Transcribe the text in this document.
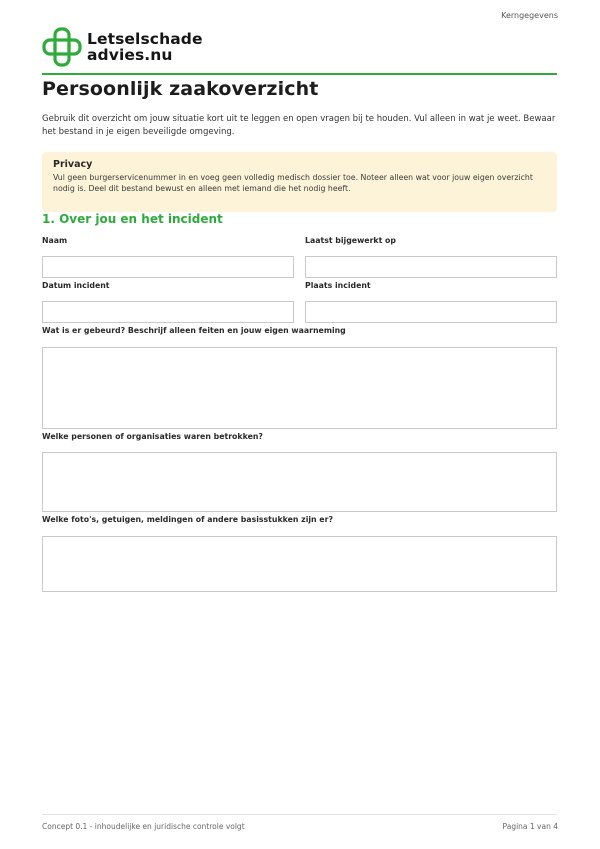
Kerngegevens
Letselschade
advies.nu
Persoonlijk zaakoverzicht

Gebruik dit overzicht om jouw situatie kort uit te leggen en open vragen bij te houden. Vul alleen in wat je weet. Bewaar het bestand in je eigen beveiligde omgeving.

Privacy

Vul geen burgerservicenummer in en voeg geen volledig medisch dossier toe. Noteer alleen wat voor jouw eigen overzicht nodig is. Deel dit bestand bewust en alleen met iemand die het nodig heeft.

1. Over jou en het incident
Naam	Laatst bijgewerkt op
Datum incident	Plaats incident
Wat is er gebeurd? Beschrijf alleen feiten en jouw eigen waarneming
Welke personen of organisaties waren betrokken?
Welke foto's, getuigen, meldingen of andere basisstukken zijn er?
Concept 0.1 - inhoudelijke en juridische controle volgt	Pagina 1 van 4
